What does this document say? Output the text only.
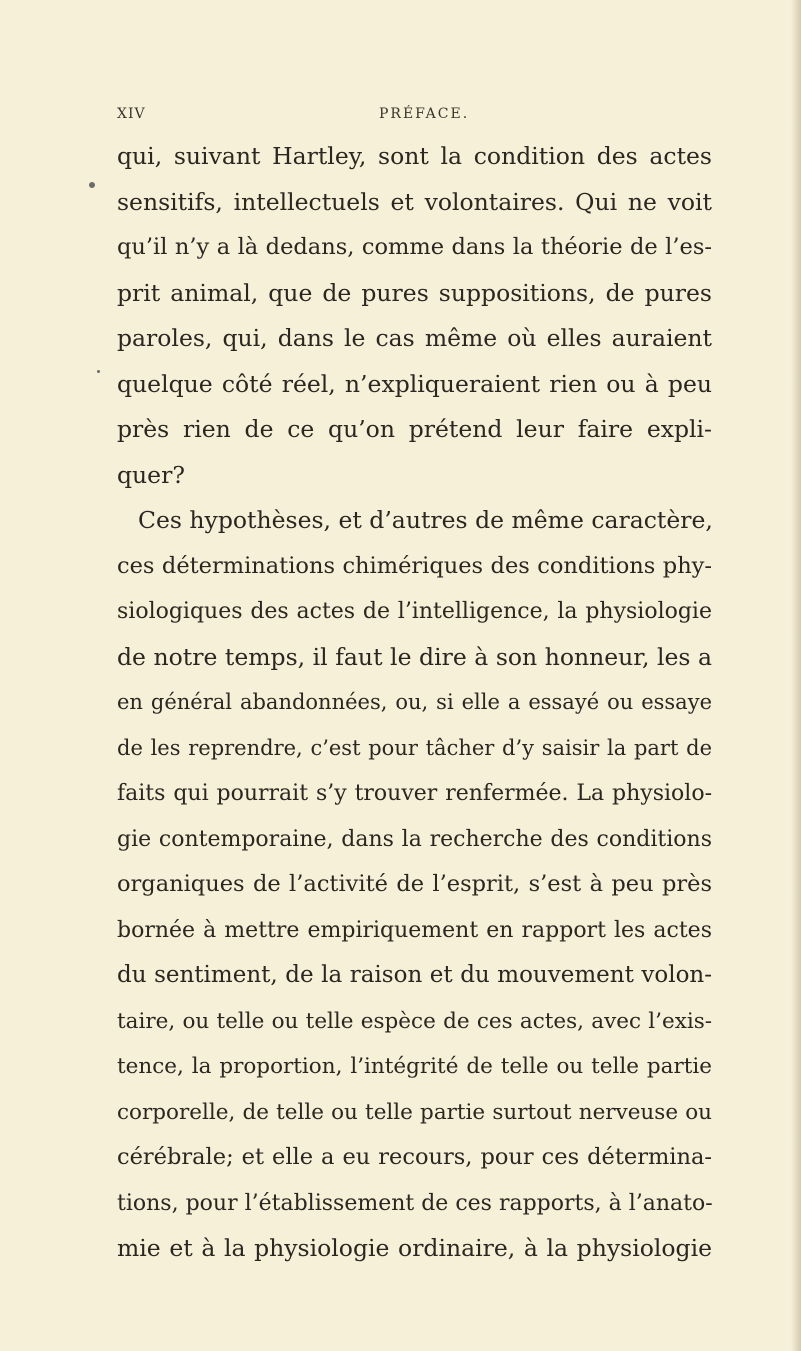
XIV	PRÉFACE.
qui, suivant Hartley, sont la condition des actes
sensitifs, intellectuels et volontaires. Qui ne voit
qu’il n’y a là dedans, comme dans la théorie de l’es-
prit animal, que de pures suppositions, de pures
paroles, qui, dans le cas même où elles auraient
quelque côté réel, n’expliqueraient rien ou à peu
près rien de ce qu’on prétend leur faire expli-
quer?
Ces hypothèses, et d’autres de même caractère,
ces déterminations chimériques des conditions phy-
siologiques des actes de l’intelligence, la physiologie
de notre temps, il faut le dire à son honneur, les a
en général abandonnées, ou, si elle a essayé ou essaye
de les reprendre, c’est pour tâcher d’y saisir la part de
faits qui pourrait s’y trouver renfermée. La physiolo-
gie contemporaine, dans la recherche des conditions
organiques de l’activité de l’esprit, s’est à peu près
bornée à mettre empiriquement en rapport les actes
du sentiment, de la raison et du mouvement volon-
taire, ou telle ou telle espèce de ces actes, avec l’exis-
tence, la proportion, l’intégrité de telle ou telle partie
corporelle, de telle ou telle partie surtout nerveuse ou
cérébrale; et elle a eu recours, pour ces détermina-
tions, pour l’établissement de ces rapports, à l’anato-
mie et à la physiologie ordinaire, à la physiologie
